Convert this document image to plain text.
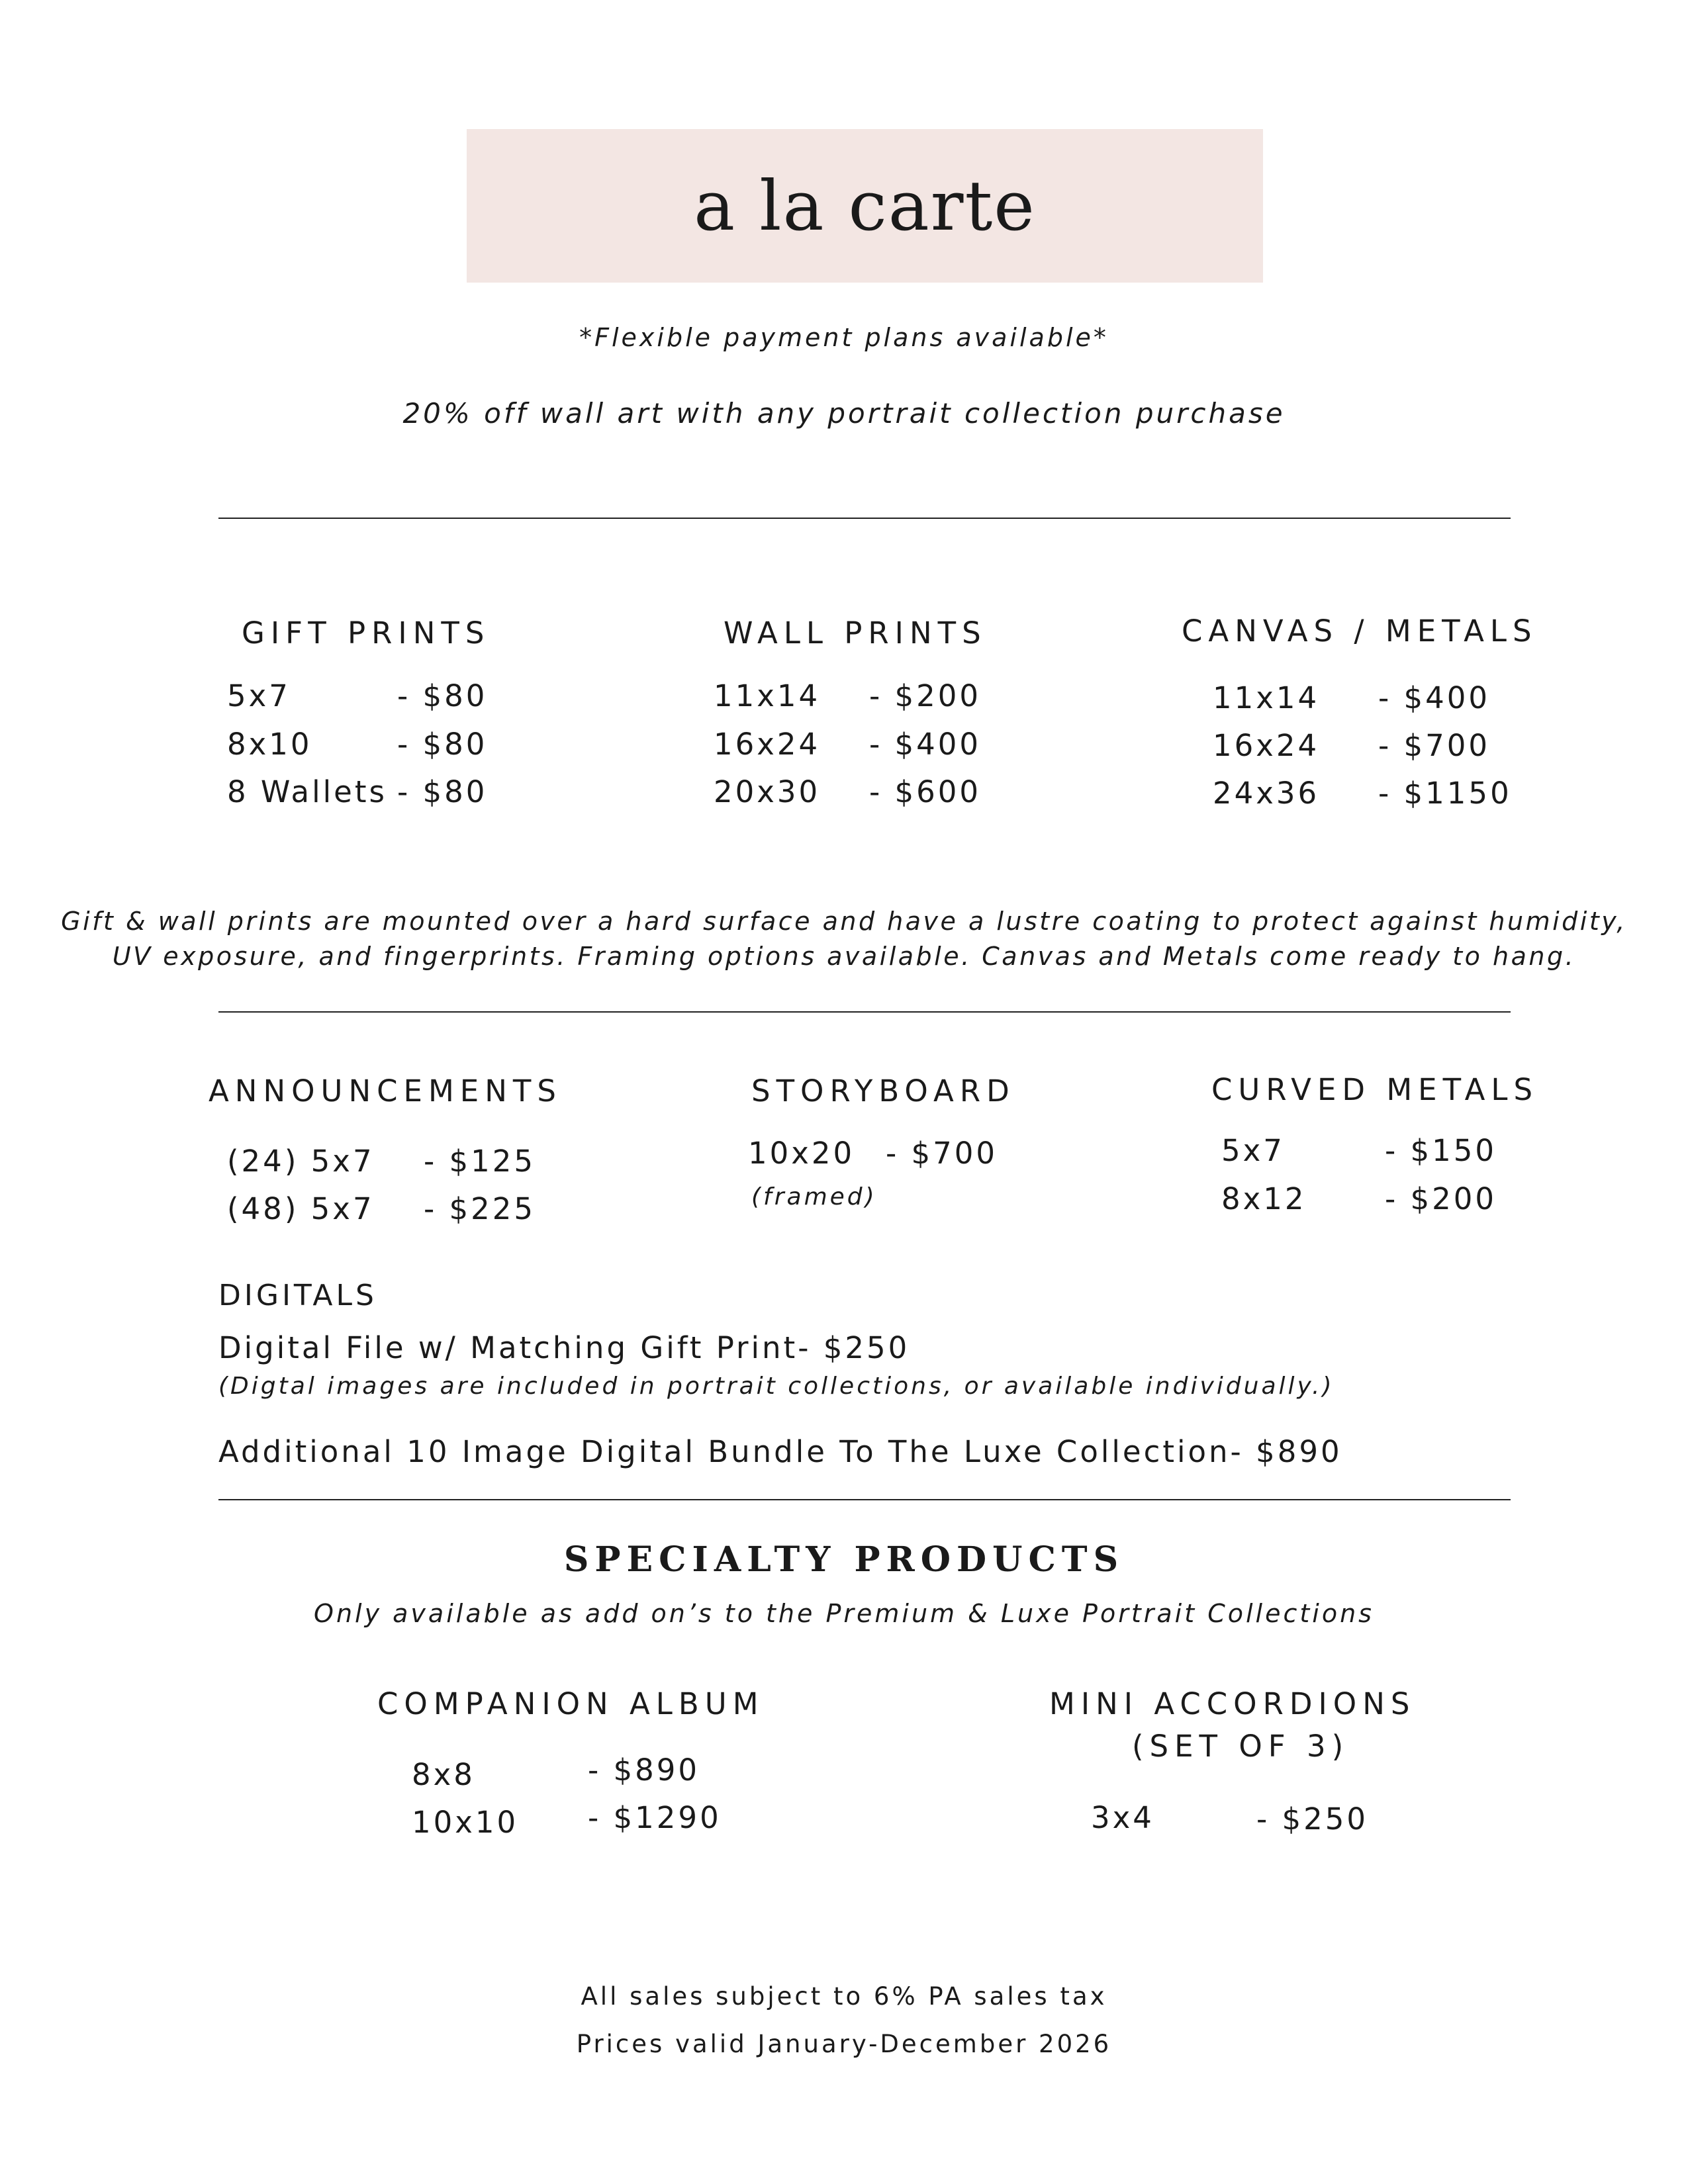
a la carte
*Flexible payment plans available*
20% off wall art with any portrait collection purchase
GIFT PRINTS
5x7	- $80
8x10	- $80
8 Wallets - $80
WALL PRINTS
11x14 - $200
16x24 - $400
20x30 - $600
CANVAS / METALS
11x14 - $400
16x24 - $700
24x36 - $1150
Gift & wall prints are mounted over a hard surface and have a lustre coating to protect against humidity,
UV exposure, and fingerprints. Framing options available. Canvas and Metals come ready to hang.
ANNOUNCEMENTS
(24) 5x7 - $125
(48) 5x7 - $225
STORYBOARD
10x20 - $700
(framed)
CURVED METALS
5x7	- $150
8x12	- $200
DIGITALS
Digital File w/ Matching Gift Print- $250
(Digtal images are included in portrait collections, or available individually.)
Additional 10 Image Digital Bundle To The Luxe Collection- $890
SPECIALTY PRODUCTS
Only available as add on’s to the Premium & Luxe Portrait Collections
COMPANION ALBUM
8x8	- $890
10x10 - $1290
MINI ACCORDIONS
(SET OF 3)
3x4	- $250
All sales subject to 6% PA sales tax
Prices valid January-December 2026
